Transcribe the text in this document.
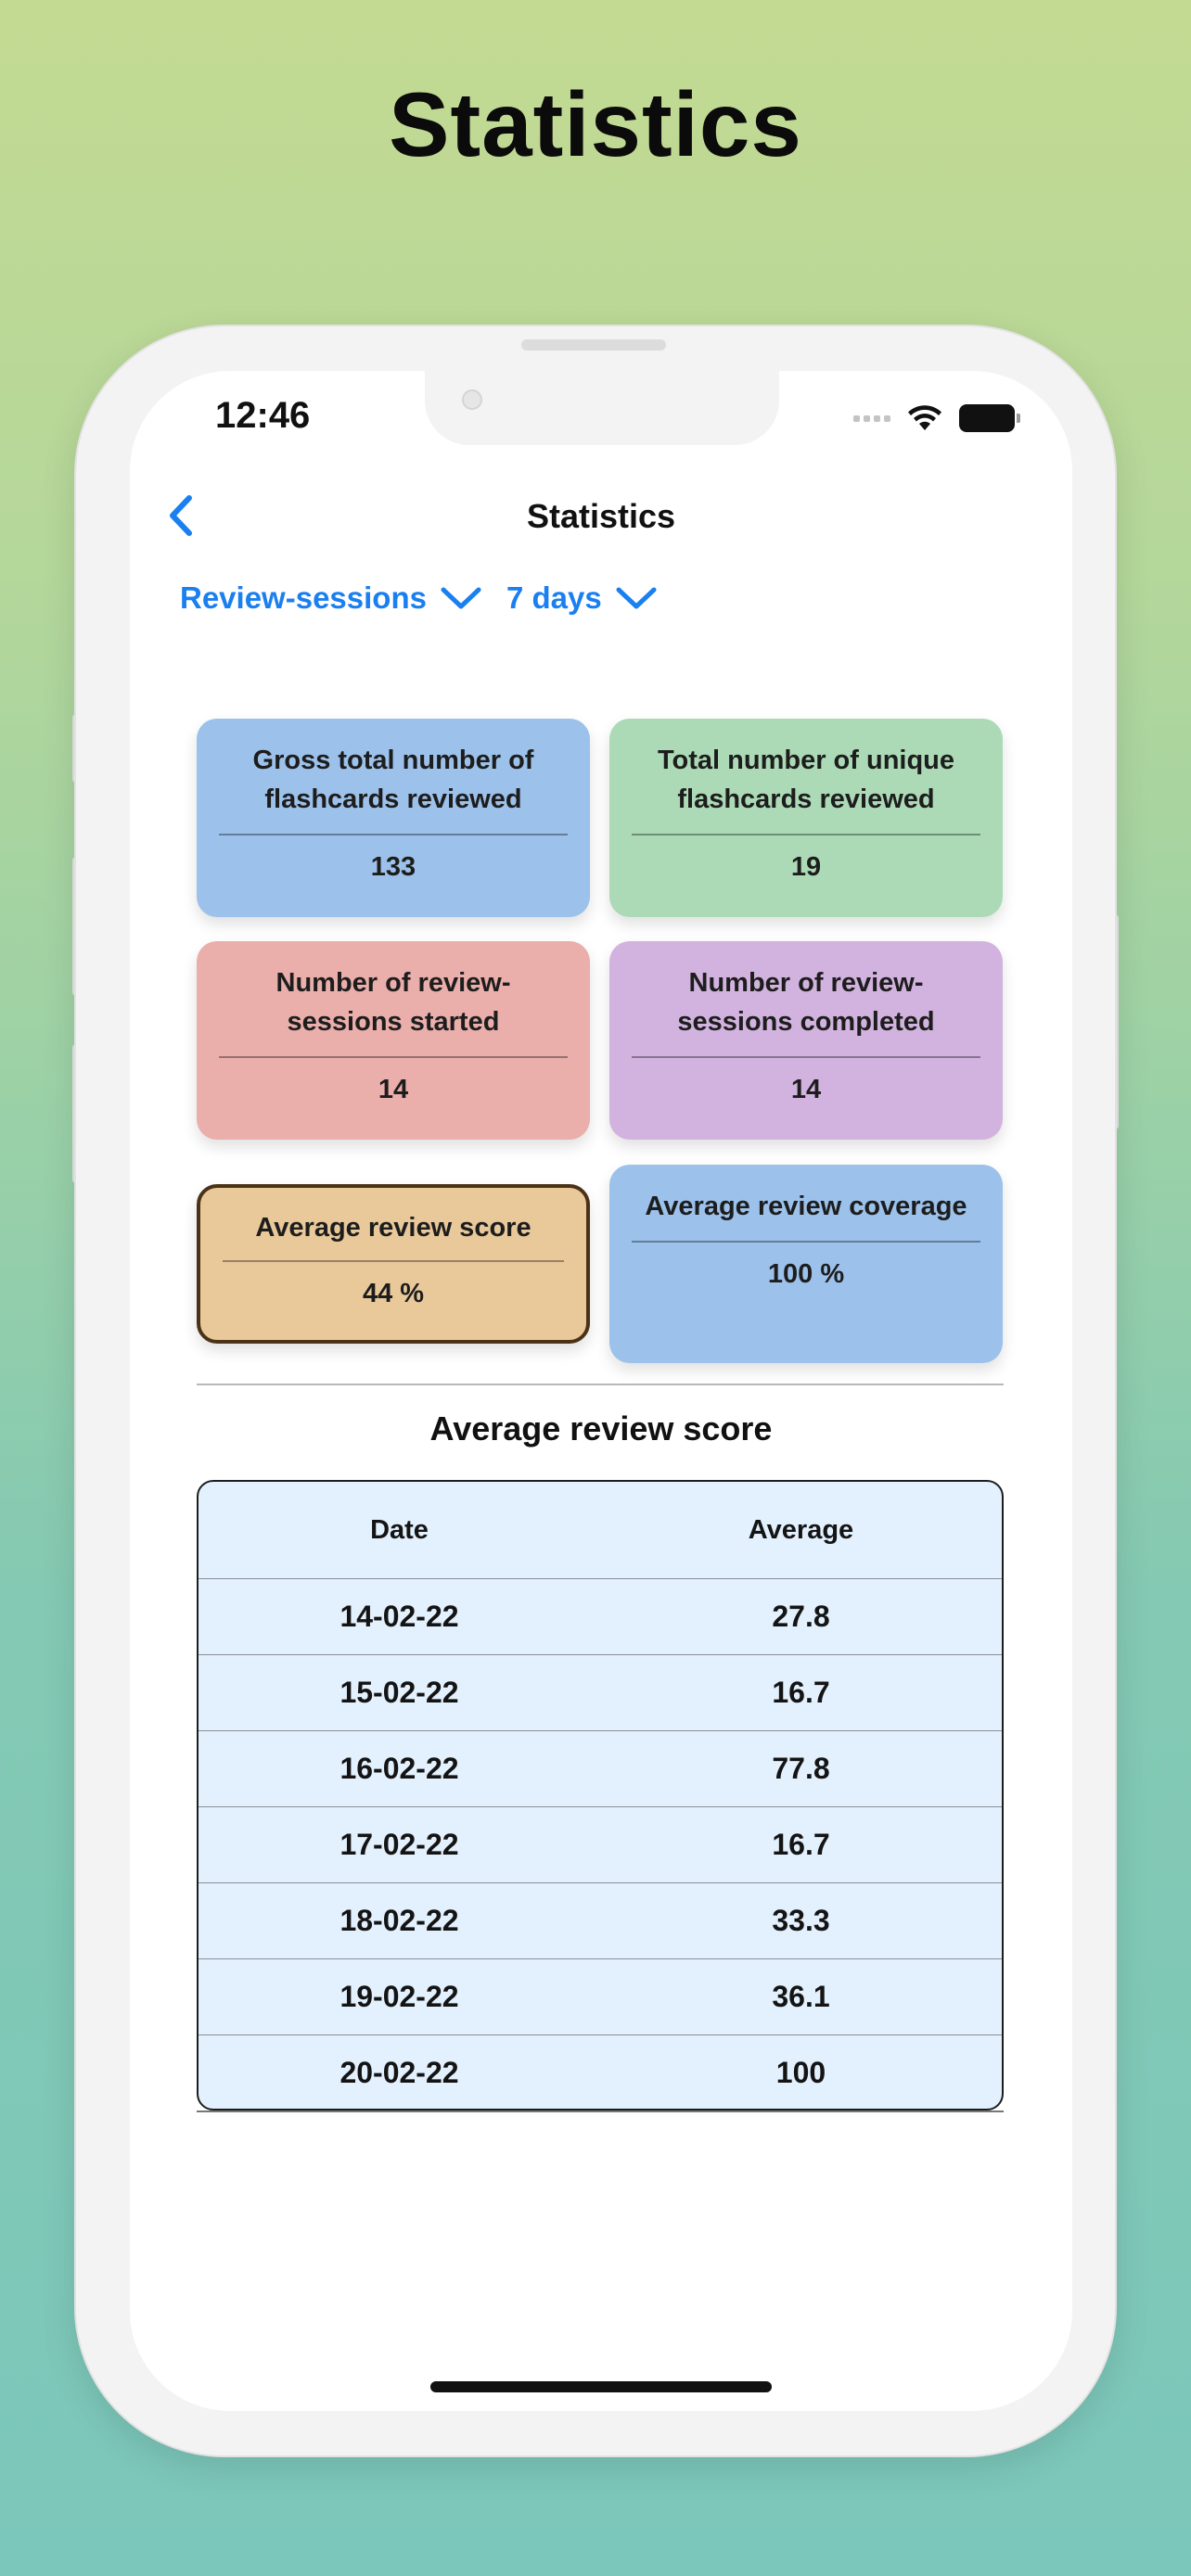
Statistics
12:46
Statistics
Review-sessions	7 days
Gross total number of flashcards reviewed
133
Total number of unique flashcards reviewed
19
Number of review-sessions started
14
Number of review-sessions completed
14
Average review score
44 %
Average review coverage
100 %
Average review score
Date	Average
14-02-22	27.8
15-02-22	16.7
16-02-22	77.8
17-02-22	16.7
18-02-22	33.3
19-02-22	36.1
20-02-22	100
